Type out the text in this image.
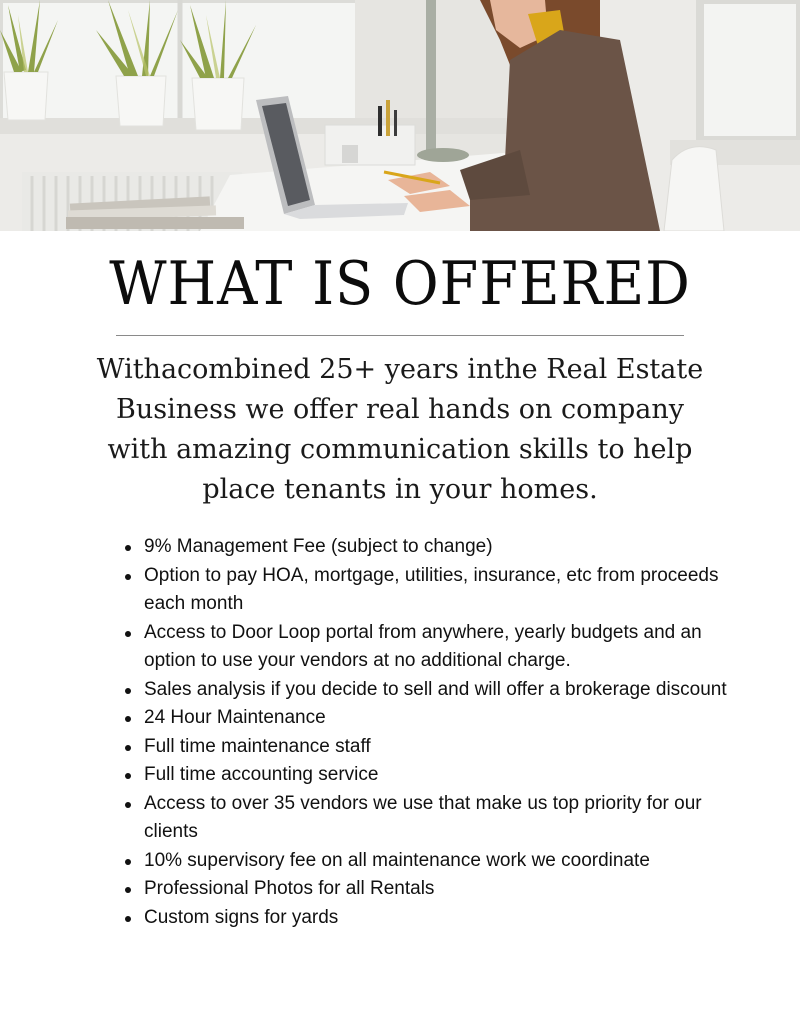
WHAT IS OFFERED

Withacombined 25+ years inthe Real Estate Business we offer real hands on company with amazing communication skills to help place tenants in your homes.

9% Management Fee (subject to change)
Option to pay HOA, mortgage, utilities, insurance, etc from proceeds each month
Access to Door Loop portal from anywhere, yearly budgets and an option to use your vendors at no additional charge.
Sales analysis if you decide to sell and will offer a brokerage discount
24 Hour Maintenance
Full time maintenance staff
Full time accounting service
Access to over 35 vendors we use that make us top priority for our clients
10% supervisory fee on all maintenance work we coordinate
Professional Photos for all Rentals
Custom signs for yards
